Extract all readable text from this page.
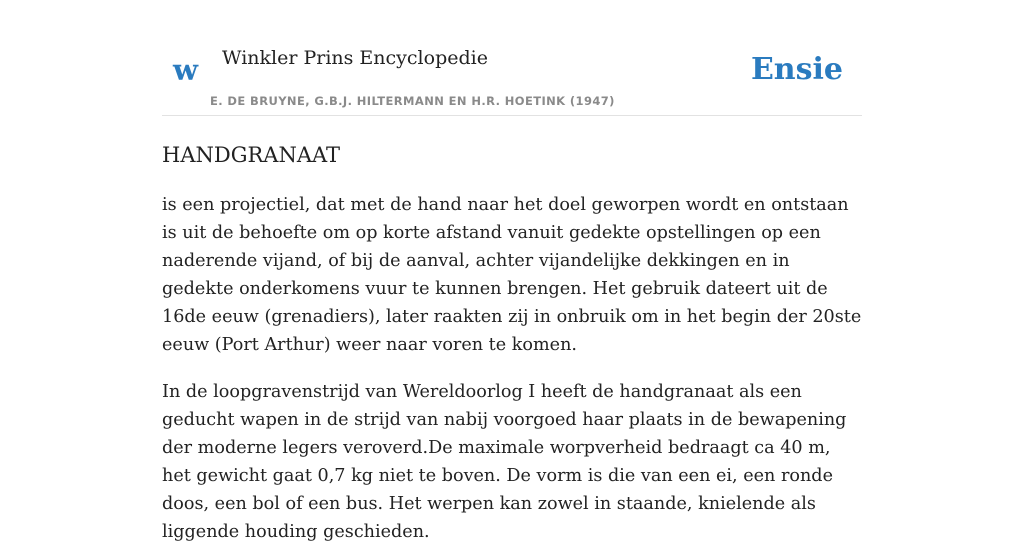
w Winkler Prins Encyclopedie
E. DE BRUYNE, G.B.J. HILTERMANN EN H.R. HOETINK (1947)
Ensie
HANDGRANAAT

is een projectiel, dat met de hand naar het doel geworpen wordt en ontstaan is uit de behoefte om op korte afstand vanuit gedekte opstellingen op een naderende vijand, of bij de aanval, achter vijandelijke dekkingen en in gedekte onderkomens vuur te kunnen brengen. Het gebruik dateert uit de 16de eeuw (grenadiers), later raakten zij in onbruik om in het begin der 20ste eeuw (Port Arthur) weer naar voren te komen.

In de loopgravenstrijd van Wereldoorlog I heeft de handgranaat als een geducht wapen in de strijd van nabij voorgoed haar plaats in de bewapening der moderne legers veroverd.De maximale worpverheid bedraagt ca 40 m, het gewicht gaat 0,7 kg niet te boven. De vorm is die van een ei, een ronde doos, een bol of een bus. Het werpen kan zowel in staande, knielende als liggende houding geschieden.
